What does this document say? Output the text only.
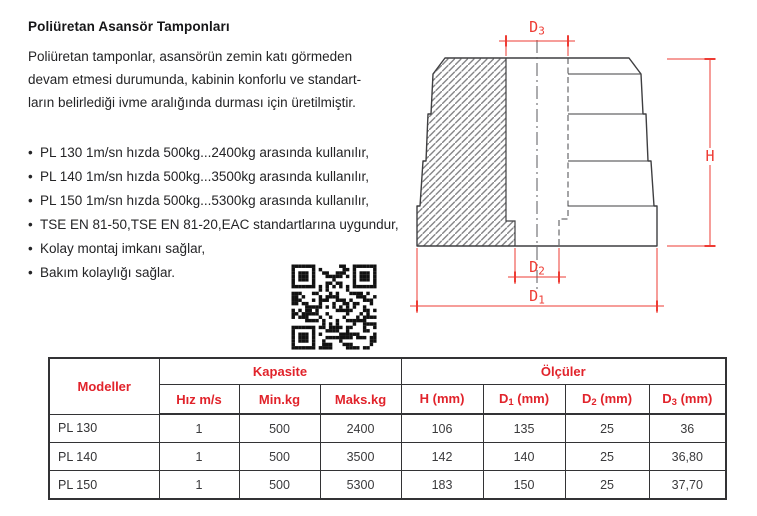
Poliüretan Asansör Tamponları
Poliüretan tamponlar, asansörün zemin katı görmeden
devam etmesi durumunda, kabinin konforlu ve standart-
ların belirlediği ivme aralığında durması için üretilmiştir.
• PL 130 1m/sn hızda 500kg...2400kg arasında kullanılır,
• PL 140 1m/sn hızda 500kg...3500kg arasında kullanılır,
• PL 150 1m/sn hızda 500kg...5300kg arasında kullanılır,
• TSE EN 81-50,TSE EN 81-20,EAC standartlarına uygundur,
• Kolay montaj imkanı sağlar,
• Bakım kolaylığı sağlar.
D3
H
D2
D1
Modeller	Kapasite			Ölçüler			
	Hız m/s	Min.kg	Maks.kg	H (mm)	D1 (mm)	D2 (mm)	D3 (mm)
PL 130	1	500	2400	106	135	25	36
PL 140	1	500	3500	142	140	25	36,80
PL 150	1	500	5300	183	150	25	37,70
